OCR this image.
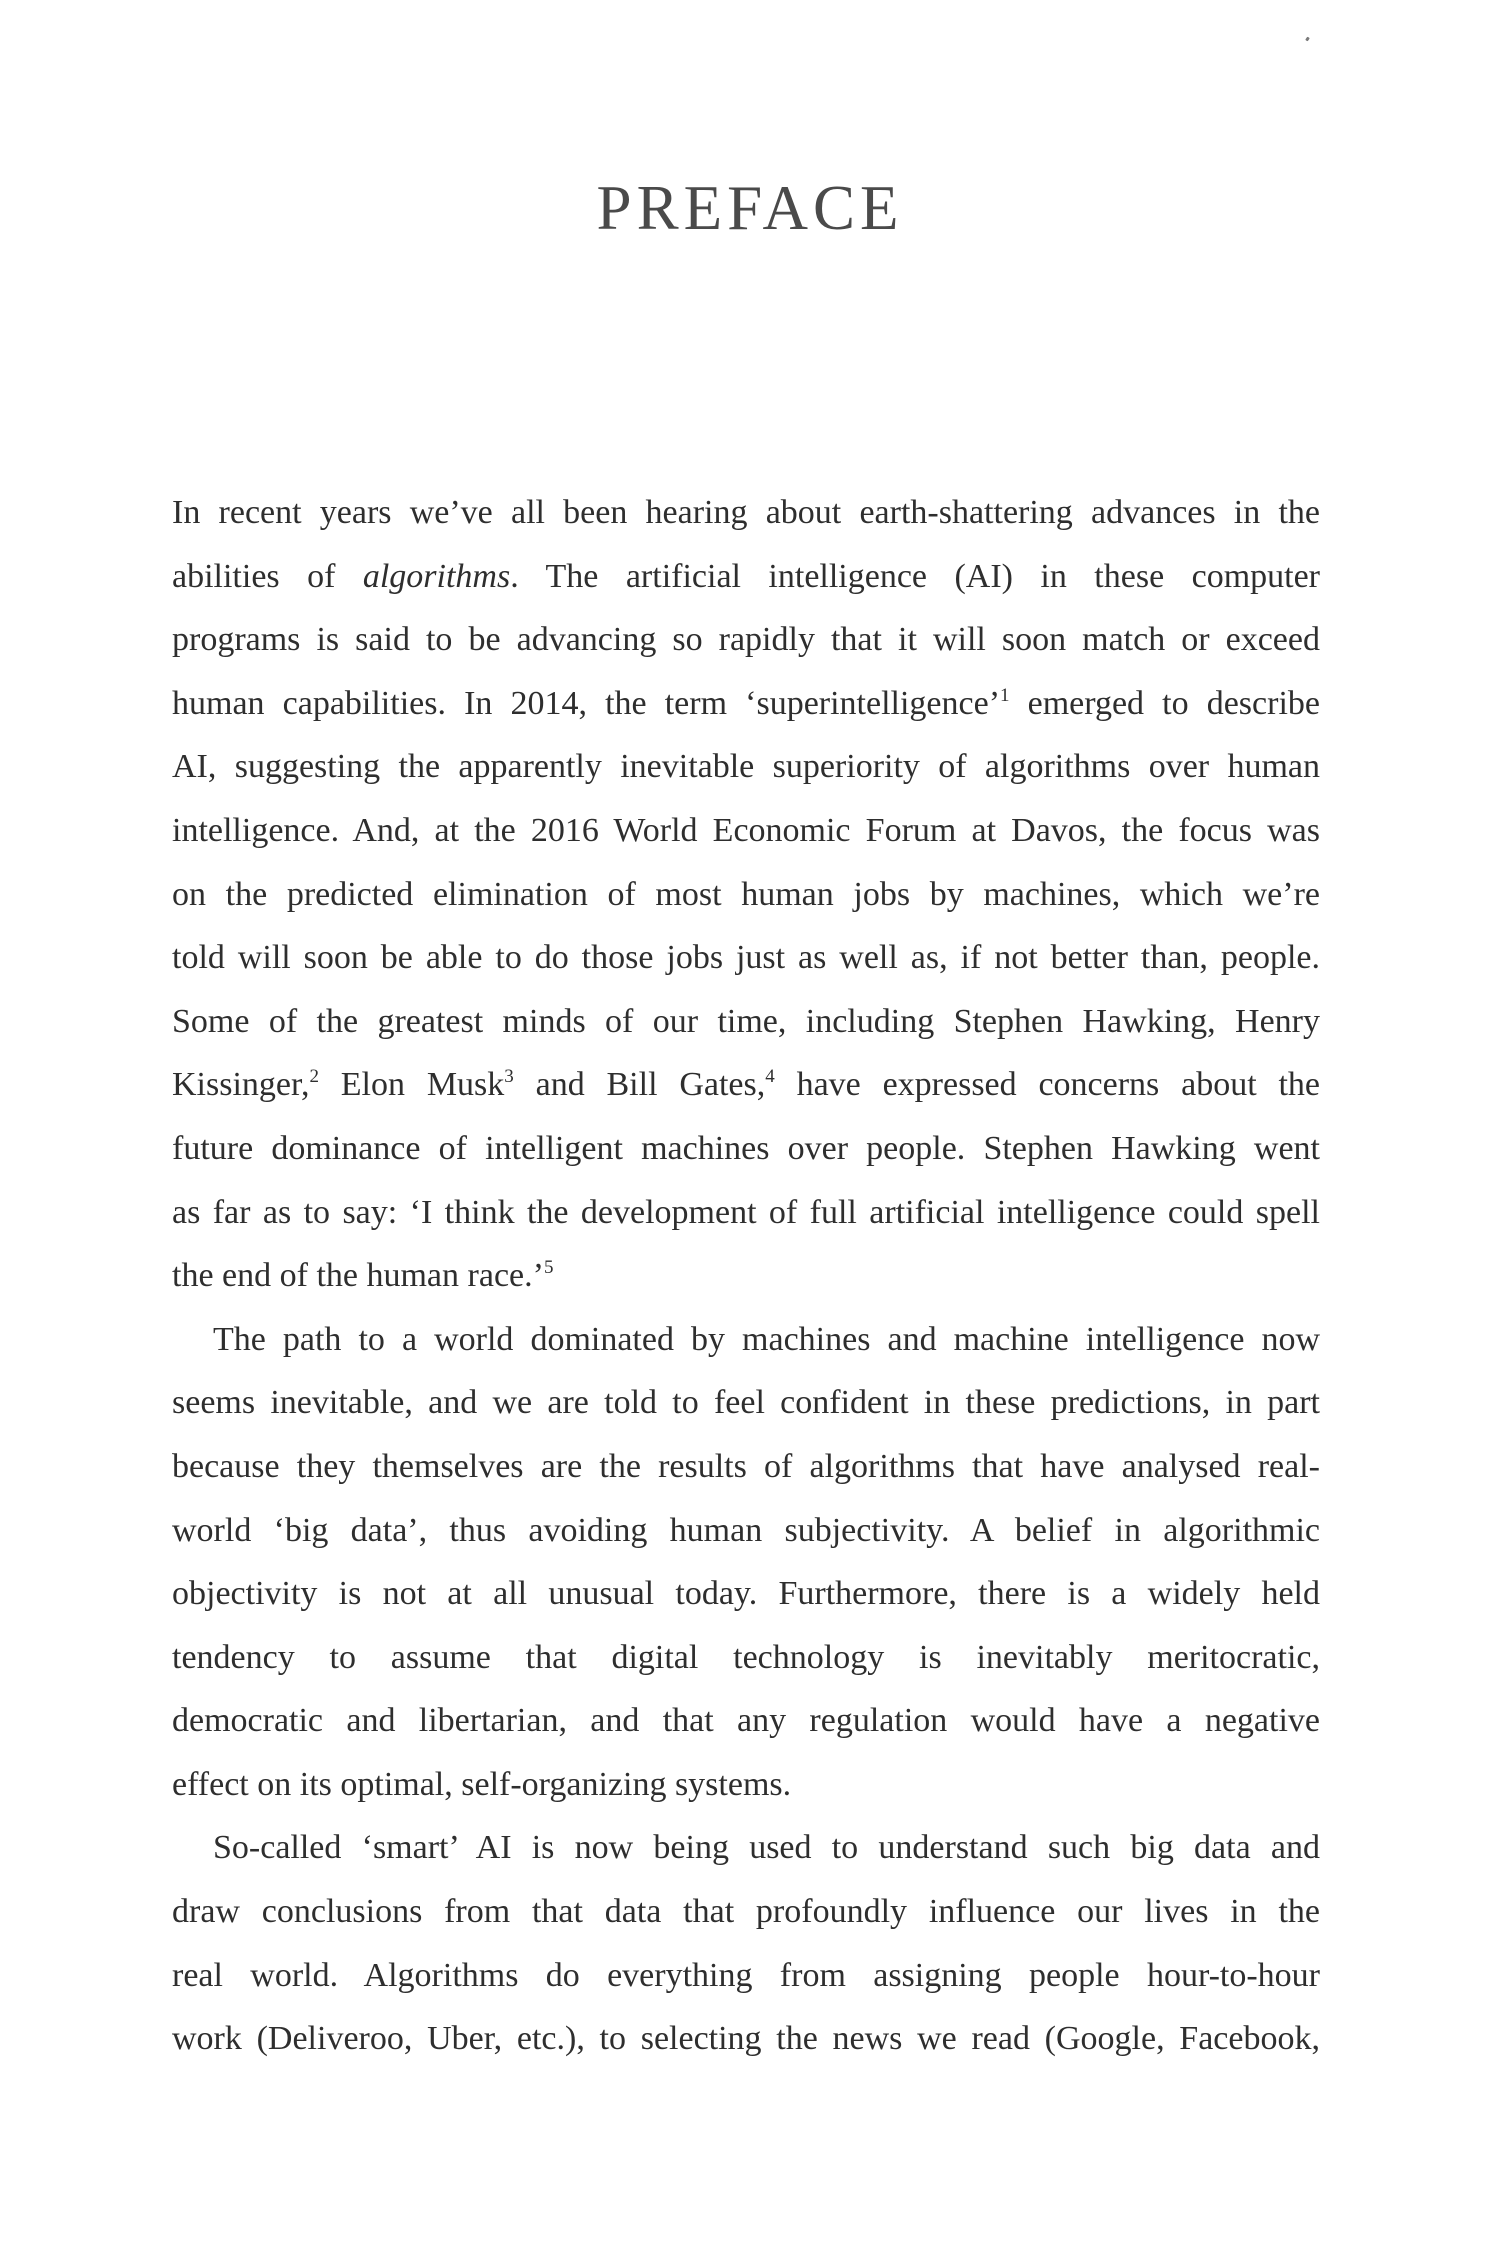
PREFACE
In recent years we’ve all been hearing about earth-shattering advances in the
abilities of algorithms. The artificial intelligence (AI) in these computer
programs is said to be advancing so rapidly that it will soon match or exceed
human capabilities. In 2014, the term ‘superintelligence’$^1$ emerged to describe
AI, suggesting the apparently inevitable superiority of algorithms over human
intelligence. And, at the 2016 World Economic Forum at Davos, the focus was
on the predicted elimination of most human jobs by machines, which we’re
told will soon be able to do those jobs just as well as, if not better than, people.
Some of the greatest minds of our time, including Stephen Hawking, Henry
Kissinger,$^2$ Elon Musk$^3$ and Bill Gates,$^4$ have expressed concerns about the
future dominance of intelligent machines over people. Stephen Hawking went
as far as to say: ‘I think the development of full artificial intelligence could spell
the end of the human race.’$^5$
The path to a world dominated by machines and machine intelligence now
seems inevitable, and we are told to feel confident in these predictions, in part
because they themselves are the results of algorithms that have analysed real-
world ‘big data’, thus avoiding human subjectivity. A belief in algorithmic
objectivity is not at all unusual today. Furthermore, there is a widely held
tendency to assume that digital technology is inevitably meritocratic,
democratic and libertarian, and that any regulation would have a negative
effect on its optimal, self-organizing systems.
So-called ‘smart’ AI is now being used to understand such big data and
draw conclusions from that data that profoundly influence our lives in the
real world. Algorithms do everything from assigning people hour-to-hour
work (Deliveroo, Uber, etc.), to selecting the news we read (Google, Facebook,
